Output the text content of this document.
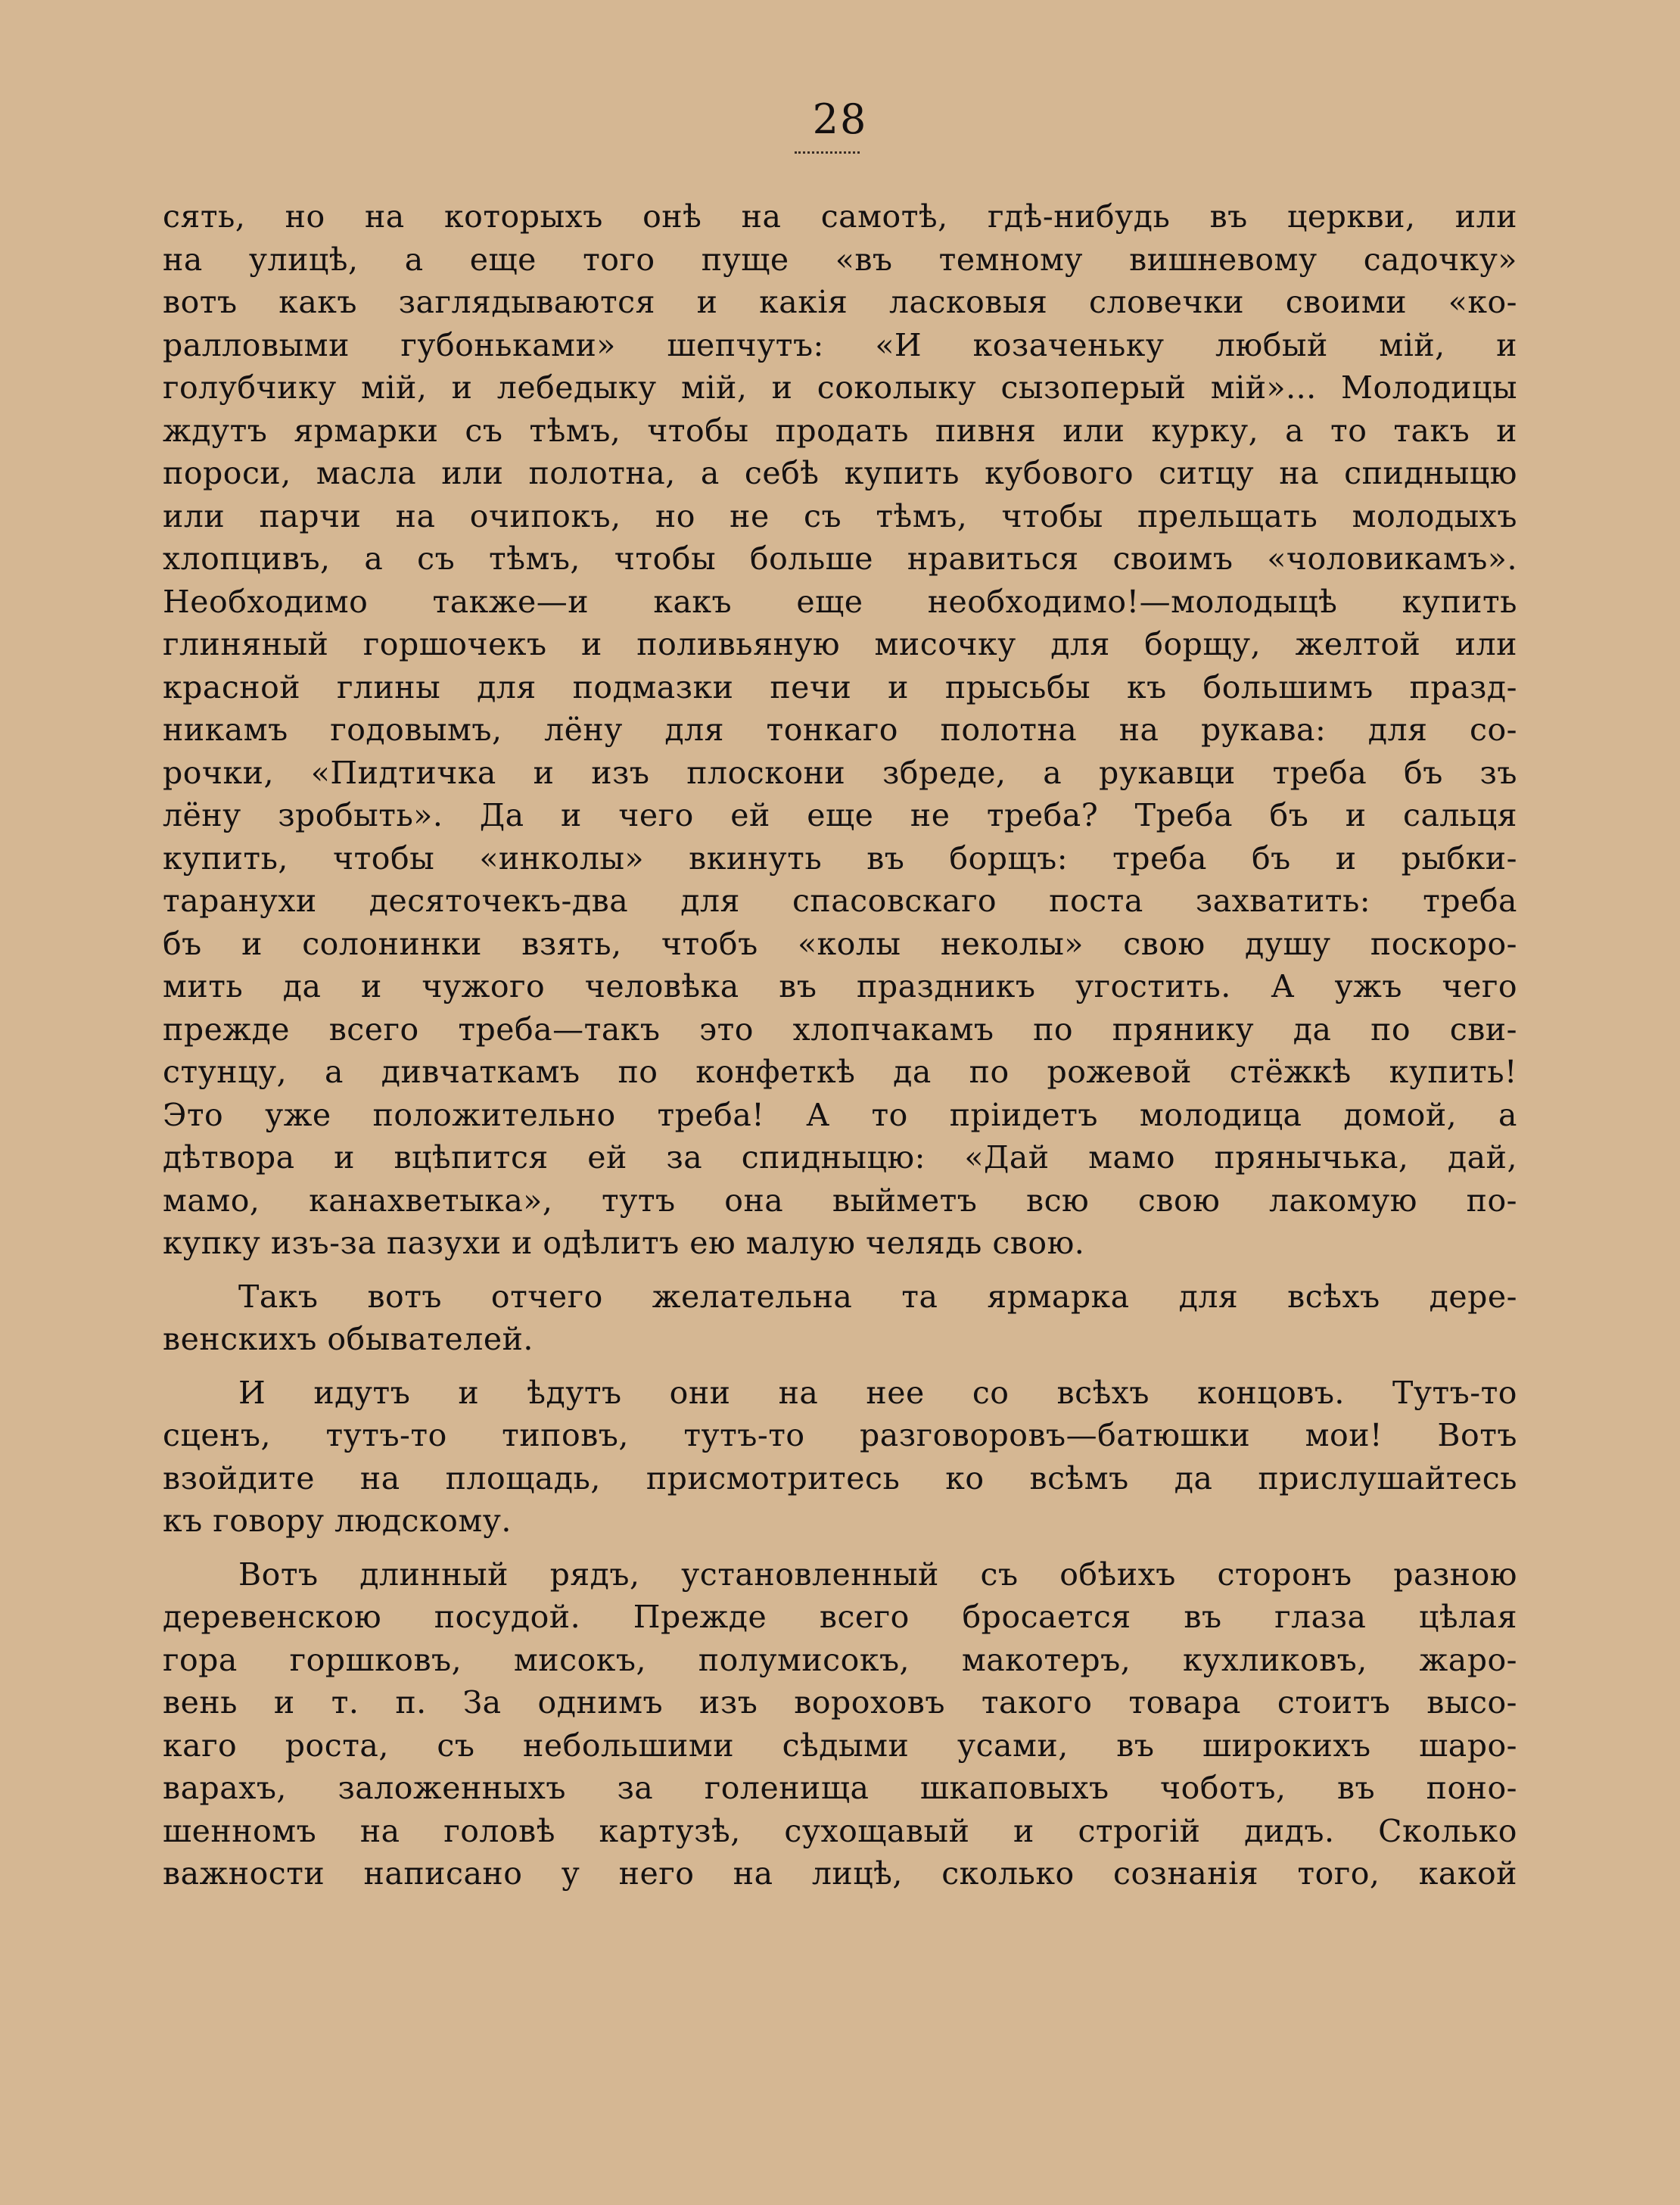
28
сять, но на которыхъ онѣ на самотѣ, гдѣ-нибудь въ церкви, или
на улицѣ, а еще того пуще «въ темному вишневому садочку»
вотъ какъ заглядываются и какія ласковыя словечки своими «ко-
ралловыми губоньками» шепчутъ: «И козаченьку любый мій, и
голубчику мій, и лебедыку мій, и соколыку сызоперый мій»... Молодицы
ждутъ ярмарки съ тѣмъ, чтобы продать пивня или курку, а то такъ и
пороси, масла или полотна, а себѣ купить кубового ситцу на спидныцю
или парчи на очипокъ, но не съ тѣмъ, чтобы прельщать молодыхъ
хлопцивъ, а съ тѣмъ, чтобы больше нравиться своимъ «чоловикамъ».
Необходимо также—и какъ еще необходимо!—молодыцѣ купить
глиняный горшочекъ и поливьяную мисочку для борщу, желтой или
красной глины для подмазки печи и прысьбы къ большимъ празд-
никамъ годовымъ, лёну для тонкаго полотна на рукава: для со-
рочки, «Пидтичка и изъ плоскони збреде, а рукавци треба бъ зъ
лёну зробыть». Да и чего ей еще не треба? Треба бъ и сальця
купить, чтобы «инколы» вкинуть въ борщъ: треба бъ и рыбки-
таранухи десяточекъ-два для спасовскаго поста захватить: треба
бъ и солонинки взять, чтобъ «колы неколы» свою душу поскоро-
мить да и чужого человѣка въ праздникъ угостить. А ужъ чего
прежде всего треба—такъ это хлопчакамъ по прянику да по сви-
стунцу, а дивчаткамъ по конфеткѣ да по рожевой стёжкѣ купить!
Это уже положительно треба! А то пріидетъ молодица домой, а
дѣтвора и вцѣпится ей за спидныцю: «Дай мамо прянычька, дай,
мамо, канахветыка», тутъ она выйметъ всю свою лакомую по-
купку изъ-за пазухи и одѣлитъ ею малую челядь свою.
Такъ вотъ отчего желательна та ярмарка для всѣхъ дере-
венскихъ обывателей.
И идутъ и ѣдутъ они на нее со всѣхъ концовъ. Тутъ-то
сценъ, тутъ-то типовъ, тутъ-то разговоровъ—батюшки мои! Вотъ
взойдите на площадь, присмотритесь ко всѣмъ да прислушайтесь
къ говору людскому.
Вотъ длинный рядъ, установленный съ обѣихъ сторонъ разною
деревенскою посудой. Прежде всего бросается въ глаза цѣлая
гора горшковъ, мисокъ, полумисокъ, макотеръ, кухликовъ, жаро-
вень и т. п. За однимъ изъ вороховъ такого товара стоитъ высо-
каго роста, съ небольшими сѣдыми усами, въ широкихъ шаро-
варахъ, заложенныхъ за голенища шкаповыхъ чоботъ, въ поно-
шенномъ на головѣ картузѣ, сухощавый и строгій дидъ. Сколько
важности написано у него на лицѣ, сколько сознанія того, какой
